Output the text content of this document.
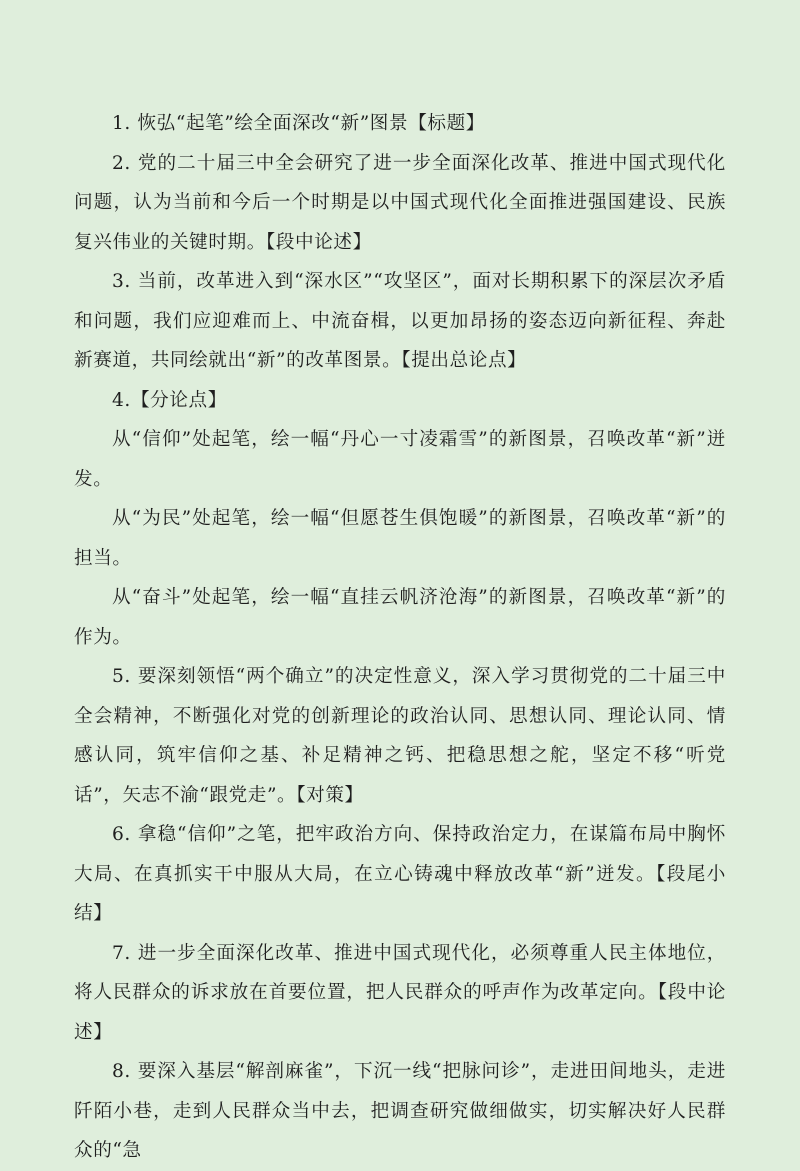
1. 恢弘“起笔”绘全面深改“新”图景【标题】

2. 党的二十届三中全会研究了进一步全面深化改革、推进中国式现代化问题，认为当前和今后一个时期是以中国式现代化全面推进强国建设、民族复兴伟业的关键时期。【段中论述】

3. 当前，改革进入到“深水区”“攻坚区”，面对长期积累下的深层次矛盾和问题，我们应迎难而上、中流奋楫，以更加昂扬的姿态迈向新征程、奔赴新赛道，共同绘就出“新”的改革图景。【提出总论点】

4.【分论点】

从“信仰”处起笔，绘一幅“丹心一寸凌霜雪”的新图景，召唤改革“新”迸发。

从“为民”处起笔，绘一幅“但愿苍生俱饱暖”的新图景，召唤改革“新”的担当。

从“奋斗”处起笔，绘一幅“直挂云帆济沧海”的新图景，召唤改革“新”的作为。

5. 要深刻领悟“两个确立”的决定性意义，深入学习贯彻党的二十届三中全会精神，不断强化对党的创新理论的政治认同、思想认同、理论认同、情感认同，筑牢信仰之基、补足精神之钙、把稳思想之舵，坚定不移“听党话”，矢志不渝“跟党走”。【对策】

6. 拿稳“信仰”之笔，把牢政治方向、保持政治定力，在谋篇布局中胸怀大局、在真抓实干中服从大局，在立心铸魂中释放改革“新”迸发。【段尾小结】

7. 进一步全面深化改革、推进中国式现代化，必须尊重人民主体地位，将人民群众的诉求放在首要位置，把人民群众的呼声作为改革定向。【段中论述】

8. 要深入基层“解剖麻雀”，下沉一线“把脉问诊”，走进田间地头，走进阡陌小巷，走到人民群众当中去，把调查研究做细做实，切实解决好人民群众的“急
